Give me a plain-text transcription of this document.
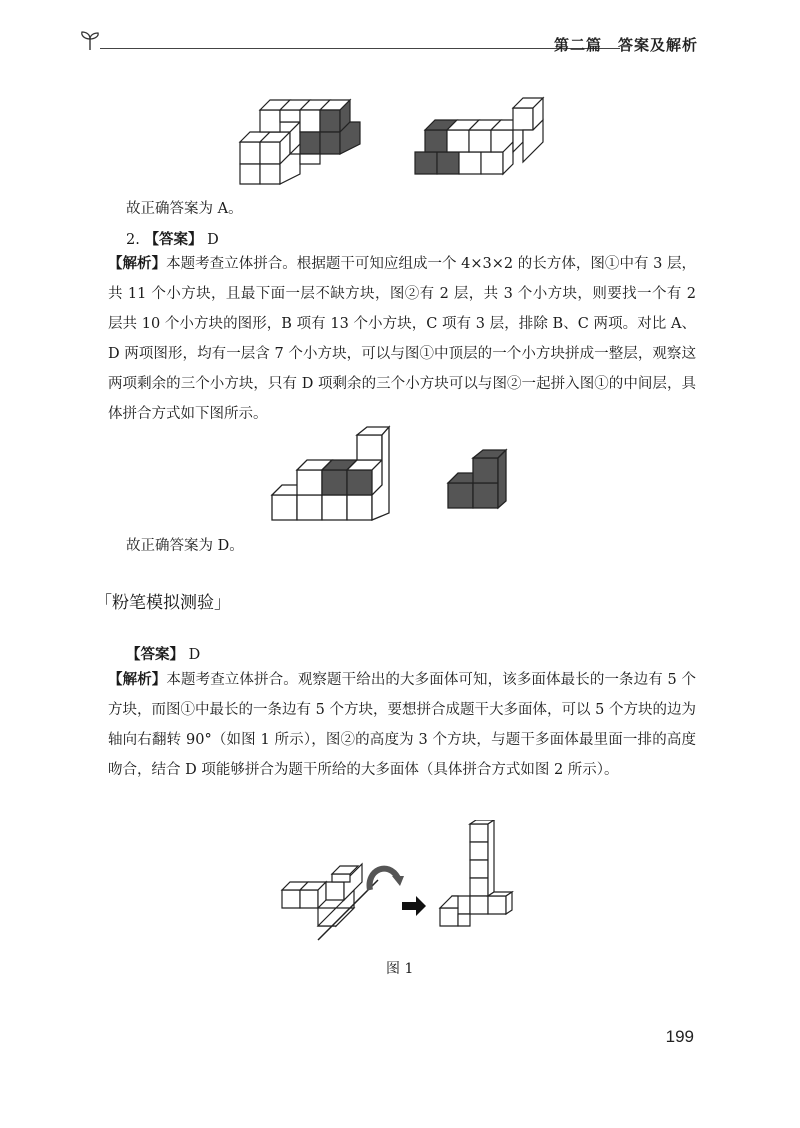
第二篇　答案及解析
故正确答案为 A。
2. 【答案】 D
【解析】本题考查立体拼合。根据题干可知应组成一个 4×3×2 的长方体，图①中有 3 层，共 11 个小方块，且最下面一层不缺方块，图②有 2 层，共 3 个小方块，则要找一个有 2 层共 10 个小方块的图形，B 项有 13 个小方块，C 项有 3 层，排除 B、C 两项。对比 A、D 两项图形，均有一层含 7 个小方块，可以与图①中顶层的一个小方块拼成一整层，观察这两项剩余的三个小方块，只有 D 项剩余的三个小方块可以与图②一起拼入图①的中间层，具体拼合方式如下图所示。
故正确答案为 D。
「粉笔模拟测验」
【答案】 D
【解析】本题考查立体拼合。观察题干给出的大多面体可知，该多面体最长的一条边有 5 个方块，而图①中最长的一条边有 5 个方块，要想拼合成题干大多面体，可以 5 个方块的边为轴向右翻转 90°（如图 1 所示），图②的高度为 3 个方块，与题干多面体最里面一排的高度吻合，结合 D 项能够拼合为题干所给的大多面体（具体拼合方式如图 2 所示）。
图 1
199
